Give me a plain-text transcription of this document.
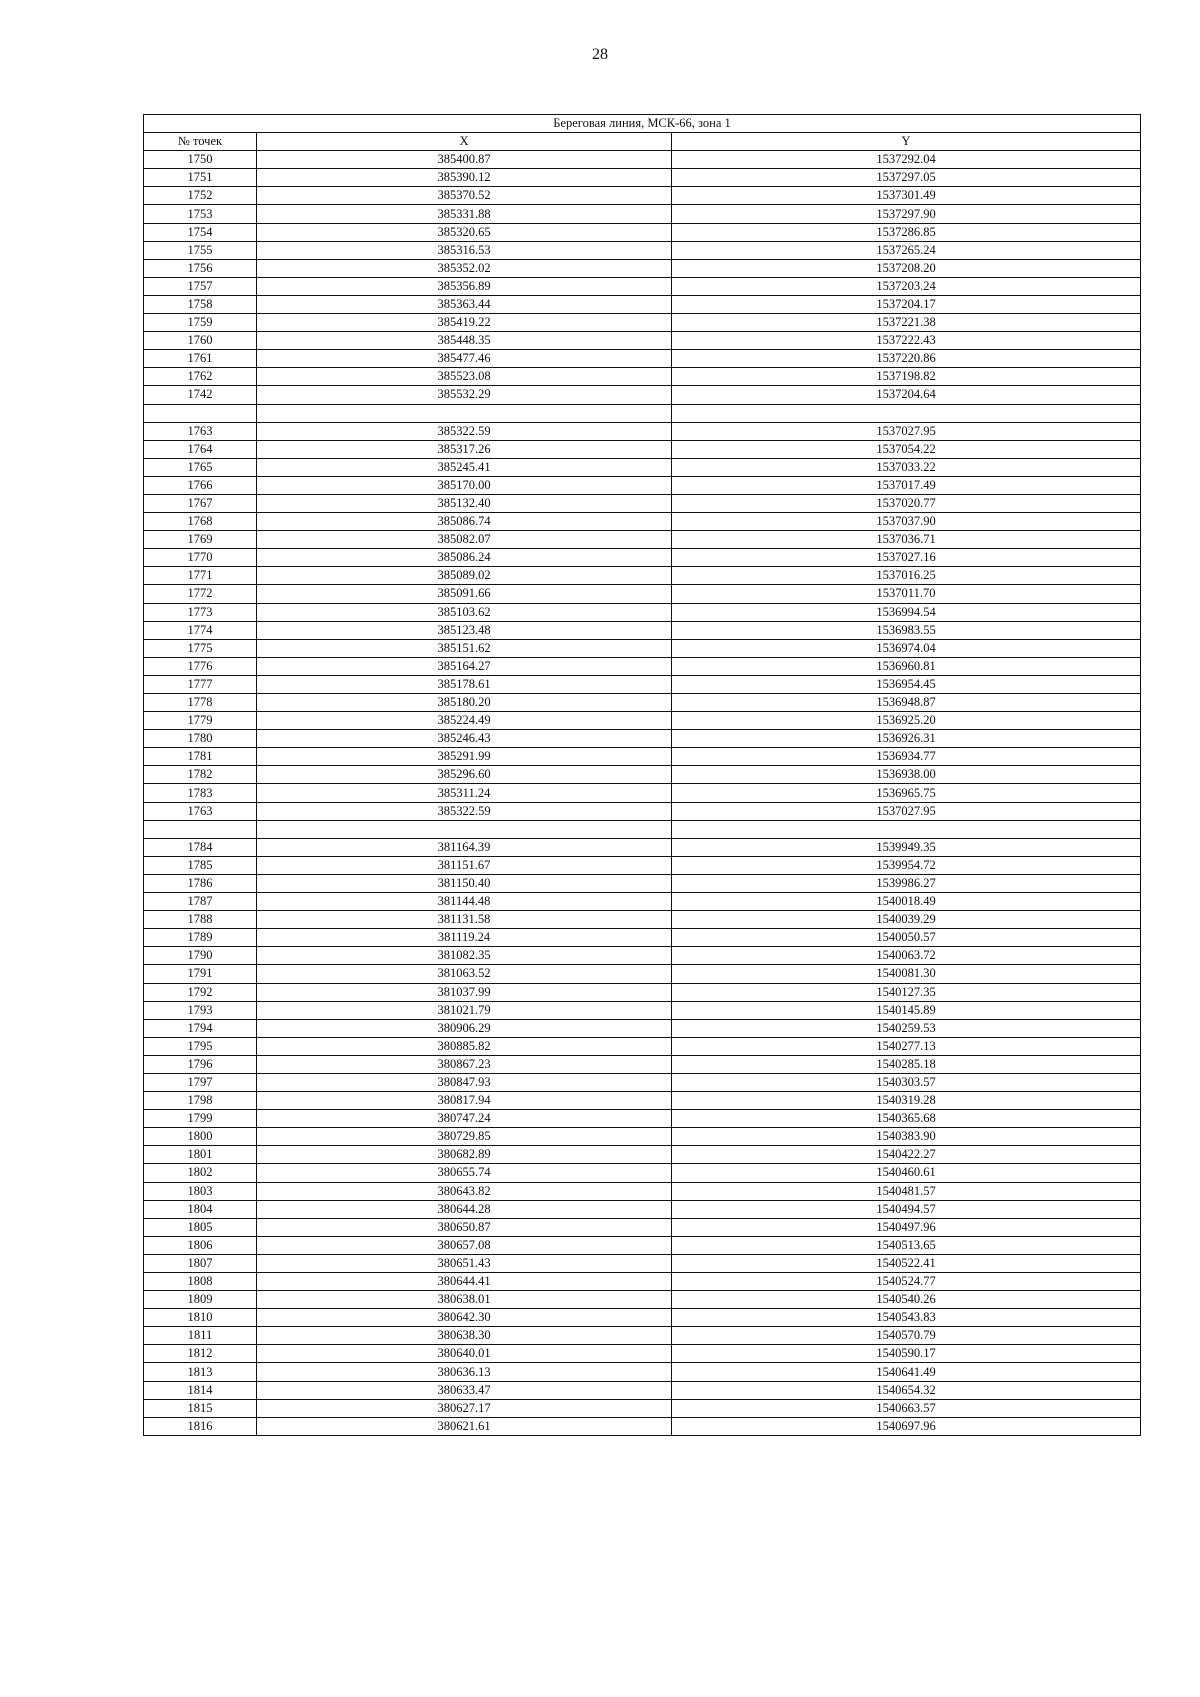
28
Береговая линия, МСК-66, зона 1		
№ точек	X	Y
1750	385400.87	1537292.04
1751	385390.12	1537297.05
1752	385370.52	1537301.49
1753	385331.88	1537297.90
1754	385320.65	1537286.85
1755	385316.53	1537265.24
1756	385352.02	1537208.20
1757	385356.89	1537203.24
1758	385363.44	1537204.17
1759	385419.22	1537221.38
1760	385448.35	1537222.43
1761	385477.46	1537220.86
1762	385523.08	1537198.82
1742	385532.29	1537204.64

1763	385322.59	1537027.95
1764	385317.26	1537054.22
1765	385245.41	1537033.22
1766	385170.00	1537017.49
1767	385132.40	1537020.77
1768	385086.74	1537037.90
1769	385082.07	1537036.71
1770	385086.24	1537027.16
1771	385089.02	1537016.25
1772	385091.66	1537011.70
1773	385103.62	1536994.54
1774	385123.48	1536983.55
1775	385151.62	1536974.04
1776	385164.27	1536960.81
1777	385178.61	1536954.45
1778	385180.20	1536948.87
1779	385224.49	1536925.20
1780	385246.43	1536926.31
1781	385291.99	1536934.77
1782	385296.60	1536938.00
1783	385311.24	1536965.75
1763	385322.59	1537027.95

1784	381164.39	1539949.35
1785	381151.67	1539954.72
1786	381150.40	1539986.27
1787	381144.48	1540018.49
1788	381131.58	1540039.29
1789	381119.24	1540050.57
1790	381082.35	1540063.72
1791	381063.52	1540081.30
1792	381037.99	1540127.35
1793	381021.79	1540145.89
1794	380906.29	1540259.53
1795	380885.82	1540277.13
1796	380867.23	1540285.18
1797	380847.93	1540303.57
1798	380817.94	1540319.28
1799	380747.24	1540365.68
1800	380729.85	1540383.90
1801	380682.89	1540422.27
1802	380655.74	1540460.61
1803	380643.82	1540481.57
1804	380644.28	1540494.57
1805	380650.87	1540497.96
1806	380657.08	1540513.65
1807	380651.43	1540522.41
1808	380644.41	1540524.77
1809	380638.01	1540540.26
1810	380642.30	1540543.83
1811	380638.30	1540570.79
1812	380640.01	1540590.17
1813	380636.13	1540641.49
1814	380633.47	1540654.32
1815	380627.17	1540663.57
1816	380621.61	1540697.96
